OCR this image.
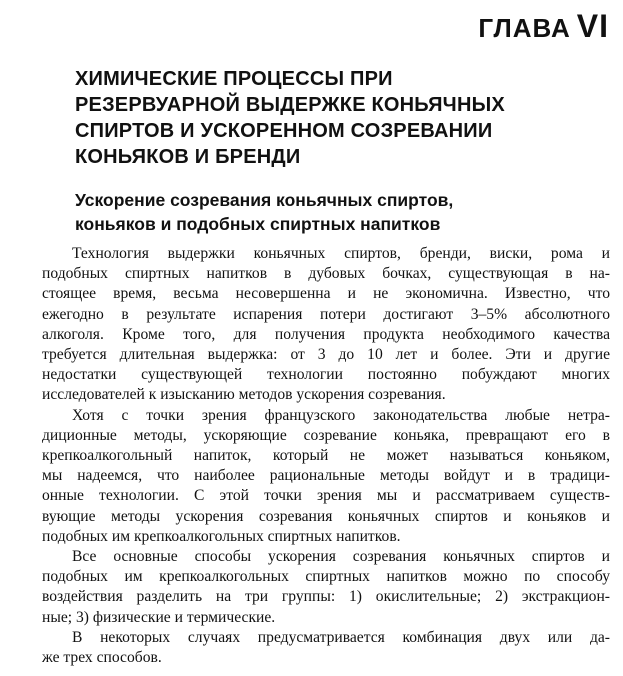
ГЛАВА VI
ХИМИЧЕСКИЕ ПРОЦЕССЫ ПРИ
РЕЗЕРВУАРНОЙ ВЫДЕРЖКЕ КОНЬЯЧНЫХ
СПИРТОВ И УСКОРЕННОМ СОЗРЕВАНИИ
КОНЬЯКОВ И БРЕНДИ
Ускорение созревания коньячных спиртов,
коньяков и подобных спиртных напитков
Технология выдержки коньячных спиртов, бренди, виски, рома и
подобных спиртных напитков в дубовых бочках, существующая в на-
стоящее время, весьма несовершенна и не экономична. Известно, что
ежегодно в результате испарения потери достигают 3–5% абсолютного
алкоголя. Кроме того, для получения продукта необходимого качества
требуется длительная выдержка: от 3 до 10 лет и более. Эти и другие
недостатки существующей технологии постоянно побуждают многих
исследователей к изысканию методов ускорения созревания.
Хотя с точки зрения французского законодательства любые нетра-
диционные методы, ускоряющие созревание коньяка, превращают его в
крепкоалкогольный напиток, который не может называться коньяком,
мы надеемся, что наиболее рациональные методы войдут и в традици-
онные технологии. С этой точки зрения мы и рассматриваем существ-
вующие методы ускорения созревания коньячных спиртов и коньяков и
подобных им крепкоалкогольных спиртных напитков.
Все основные способы ускорения созревания коньячных спиртов и
подобных им крепкоалкогольных спиртных напитков можно по способу
воздействия разделить на три группы: 1) окислительные; 2) экстракцион-
ные; 3) физические и термические.
В некоторых случаях предусматривается комбинация двух или да-
же трех способов.
